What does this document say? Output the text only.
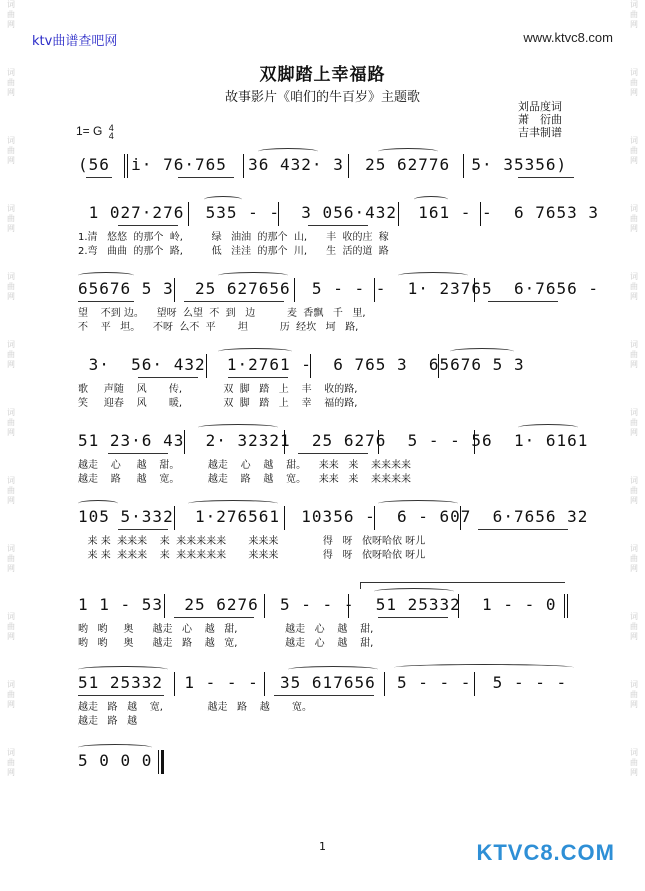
词曲网
词曲网
词曲网
词曲网
词曲网
词曲网
词曲网
词曲网
词曲网
词曲网
词曲网
词曲网
词曲网
词曲网
词曲网
词曲网
词曲网
词曲网
词曲网
词曲网
词曲网
词曲网
词曲网
词曲网
ktv曲谱查吧网	www.ktvc8.com
双脚踏上幸福路
故事影片《咱们的牛百岁》主题歌
刘品度词
萧　衍曲
吉聿制谱
1= G 4
4
(56  i· 76·765  36 432· 3  25 62776  5· 35356)
1 027·276  535 - -  3 056·432  161 - -  6 7653 3
1.清   悠悠  的那个  岭,         绿   油油  的那个  山,      丰  收的庄  稼
2.弯   曲曲  的那个  路,         低   洼洼  的那个  川,      生  活的道  路
65676 5 3  25 627656  5 - - -  1· 23765  6·7656 -
望    不到 边。    望呀  么望  不  到   边          麦  香飘   千   里,
不    平   坦。    不呀  么不  平       坦          历  经坎   坷   路,
3·  56· 432  1·2761 -  6 765 3  65676 5 3
歌     声随    风       传,             双  脚   踏   上    丰    收的路,
笑     迎春    风       暖,             双  脚   踏   上    幸    福的路,
51 23·6 43  2· 32321  25 6276  5 - - 56  1· 6161
越走    心     越    甜。         越走    心    越    甜。    来来   来    来来来来
越走    路     越    宽。         越走    路    越    宽。    来来   来    来来来来
105 5·332  1·276561  10356 -  6 - 607  6·7656 32
来 来  来来来    来  来来来来来       来来来              得   呀   依呀哈依 呀儿
来 来  来来来    来  来来来来来       来来来              得   呀   依呀哈依 呀儿
1 1 - 53  25 6276  5 - - -  51 25332  1 - - 0
哟   哟     奥      越走   心    越   甜,               越走   心    越    甜,
哟   哟     奥      越走   路    越   宽,               越走   心    越    甜,
51 25332  1 - - -  35 617656  5 - - -  5 - - -
越走   路   越    宽,              越走   路    越       宽。
越走   路   越
5 0 0 0
1	KTVC8.COM
